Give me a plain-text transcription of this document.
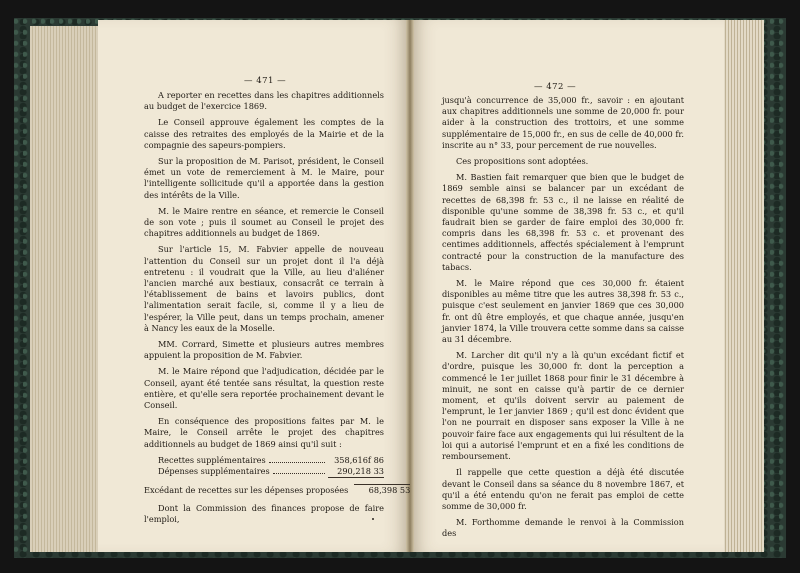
— 471 —

A reporter en recettes dans les chapitres additionnels au budget de l'exercice 1869.

Le Conseil approuve également les comptes de la caisse des retraites des employés de la Mairie et de la compagnie des sapeurs-pompiers.

Sur la proposition de M. Parisot, président, le Conseil émet un vote de remerciement à M. le Maire, pour l'intelligente sollicitude qu'il a apportée dans la gestion des intérêts de la Ville.

M. le Maire rentre en séance, et remercie le Conseil de son vote ; puis il soumet au Conseil le projet des chapitres additionnels au budget de 1869.

Sur l'article 15, M. Fabvier appelle de nouveau l'attention du Conseil sur un projet dont il l'a déjà entretenu : il voudrait que la Ville, au lieu d'aliéner l'ancien marché aux bestiaux, consacrât ce terrain à l'établissement de bains et lavoirs publics, dont l'alimentation serait facile, si, comme il y a lieu de l'espérer, la Ville peut, dans un temps prochain, amener à Nancy les eaux de la Moselle.

MM. Corrard, Simette et plusieurs autres membres appuient la proposition de M. Fabvier.

M. le Maire répond que l'adjudication, décidée par le Conseil, ayant été tentée sans résultat, la question reste entière, et qu'elle sera reportée prochainement devant le Conseil.

En conséquence des propositions faites par M. le Maire, le Conseil arrête le projet des chapitres additionnels au budget de 1869 ainsi qu'il suit :

Recettes supplémentaires	358,616f 86
Dépenses supplémentaires	290,218 33
Excédant de recettes sur les dépenses proposées	68,398 53

Dont la Commission des finances propose de faire l'emploi,

— 472 —

jusqu'à concurrence de 35,000 fr., savoir : en ajoutant aux chapitres additionnels une somme de 20,000 fr. pour aider à la construction des trottoirs, et une somme supplémentaire de 15,000 fr., en sus de celle de 40,000 fr. inscrite au n° 33, pour percement de rue nouvelles.

Ces propositions sont adoptées.

M. Bastien fait remarquer que bien que le budget de 1869 semble ainsi se balancer par un excédant de recettes de 68,398 fr. 53 c., il ne laisse en réalité de disponible qu'une somme de 38,398 fr. 53 c., et qu'il faudrait bien se garder de faire emploi des 30,000 fr. compris dans les 68,398 fr. 53 c. et provenant des centimes additionnels, affectés spécialement à l'emprunt contracté pour la construction de la manufacture des tabacs.

M. le Maire répond que ces 30,000 fr. étaient disponibles au même titre que les autres 38,398 fr. 53 c., puisque c'est seulement en janvier 1869 que ces 30,000 fr. ont dû être employés, et que chaque année, jusqu'en janvier 1874, la Ville trouvera cette somme dans sa caisse au 31 décembre.

M. Larcher dit qu'il n'y a là qu'un excédant fictif et d'ordre, puisque les 30,000 fr. dont la perception a commencé le 1er juillet 1868 pour finir le 31 décembre à minuit, ne sont en caisse qu'à partir de ce dernier moment, et qu'ils doivent servir au paiement de l'emprunt, le 1er janvier 1869 ; qu'il est donc évident que l'on ne pourrait en disposer sans exposer la Ville à ne pouvoir faire face aux engagements qui lui résultent de la loi qui a autorisé l'emprunt et en a fixé les conditions de remboursement.

Il rappelle que cette question a déjà été discutée devant le Conseil dans sa séance du 8 novembre 1867, et qu'il a été entendu qu'on ne ferait pas emploi de cette somme de 30,000 fr.

M. Forthomme demande le renvoi à la Commission des
